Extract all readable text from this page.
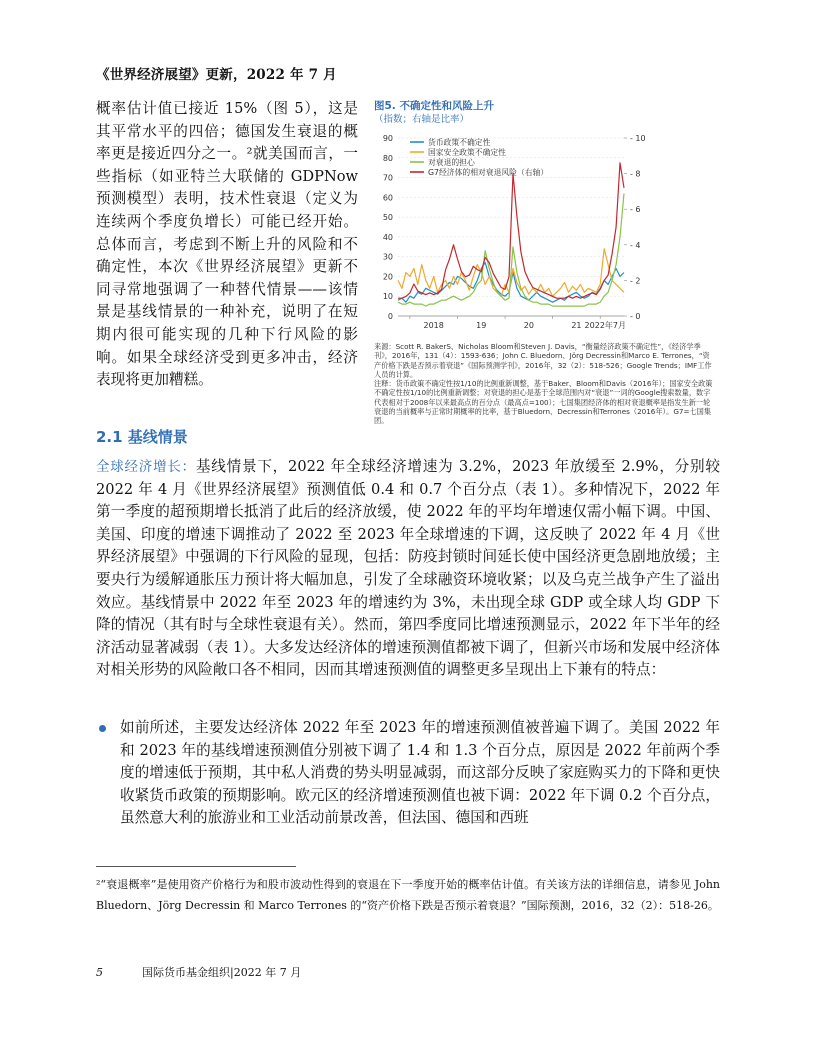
《世界经济展望》更新，2022 年 7 月
概率估计值已接近 15%（图 5），这是其平常水平的四倍；德国发生衰退的概率更是接近四分之一。²就美国而言，一些指标（如亚特兰大联储的 GDPNow 预测模型）表明，技术性衰退（定义为连续两个季度负增长）可能已经开始。总体而言，考虑到不断上升的风险和不确定性，本次《世界经济展望》更新不同寻常地强调了一种替代情景——该情景是基线情景的一种补充，说明了在短期内很可能实现的几种下行风险的影响。如果全球经济受到更多冲击，经济表现将更加糟糕。
图5. 不确定性和风险上升
（指数；右轴是比率）
0
10
20
30
40
50
60
70
80
90
- 0
- 2
- 4
- 6
- 8
- 10
2018	19	20	21 2022年7月
货币政策不确定性
国家安全政策不确定性
对衰退的担心
G7经济体的相对衰退风险（右轴）

来源：Scott R. BakerS、Nicholas Bloom和Steven J. Davis，“衡量经济政策不确定性”，《经济学季刊》，2016年，131（4）：1593-636；John C. Bluedorn、Jörg Decressin和Marco E. Terrones，“资产价格下跌是否预示着衰退”《国际预测学刊》，2016年，32（2）：518-526；Google Trends；IMF工作人员的计算。

注释：货币政策不确定性按1/10的比例重新调整，基于Baker、Bloom和Davis（2016年）；国家安全政策不确定性按1/10的比例重新调整；对衰退的担心是基于全球范围内对“衰退”一词的Google搜索数量，数字代表相对于2008年以来最高点的百分点（最高点=100）；七国集团经济体的相对衰退概率是指发生新一轮衰退的当前概率与正常时期概率的比率，基于Bluedorn、Decressin和Terrones（2016年）。G7=七国集团。

2.1 基线情景

全球经济增长：基线情景下，2022 年全球经济增速为 3.2%，2023 年放缓至 2.9%，分别较 2022 年 4 月《世界经济展望》预测值低 0.4 和 0.7 个百分点（表 1）。多种情况下，2022 年第一季度的超预期增长抵消了此后的经济放缓，使 2022 年的平均年增速仅需小幅下调。中国、美国、印度的增速下调推动了 2022 至 2023 年全球增速的下调，这反映了 2022 年 4 月《世界经济展望》中强调的下行风险的显现，包括：防疫封锁时间延长使中国经济更急剧地放缓；主要央行为缓解通胀压力预计将大幅加息，引发了全球融资环境收紧；以及乌克兰战争产生了溢出效应。基线情景中 2022 年至 2023 年的增速约为 3%，未出现全球 GDP 或全球人均 GDP 下降的情况（其有时与全球性衰退有关）。然而，第四季度同比增速预测显示，2022 年下半年的经济活动显著减弱（表 1）。大多发达经济体的增速预测值都被下调了，但新兴市场和发展中经济体对相关形势的风险敞口各不相同，因而其增速预测值的调整更多呈现出上下兼有的特点：

如前所述，主要发达经济体 2022 年至 2023 年的增速预测值被普遍下调了。美国 2022 年和 2023 年的基线增速预测值分别被下调了 1.4 和 1.3 个百分点，原因是 2022 年前两个季度的增速低于预期，其中私人消费的势头明显减弱，而这部分反映了家庭购买力的下降和更快收紧货币政策的预期影响。欧元区的经济增速预测值也被下调：2022 年下调 0.2 个百分点，虽然意大利的旅游业和工业活动前景改善，但法国、德国和西班
²“衰退概率”是使用资产价格行为和股市波动性得到的衰退在下一季度开始的概率估计值。有关该方法的详细信息，请参见 John Bluedorn、Jörg Decressin 和 Marco Terrones 的“资产价格下跌是否预示着衰退？”国际预测，2016，32（2）：518-26。
5	国际货币基金组织|2022 年 7 月
